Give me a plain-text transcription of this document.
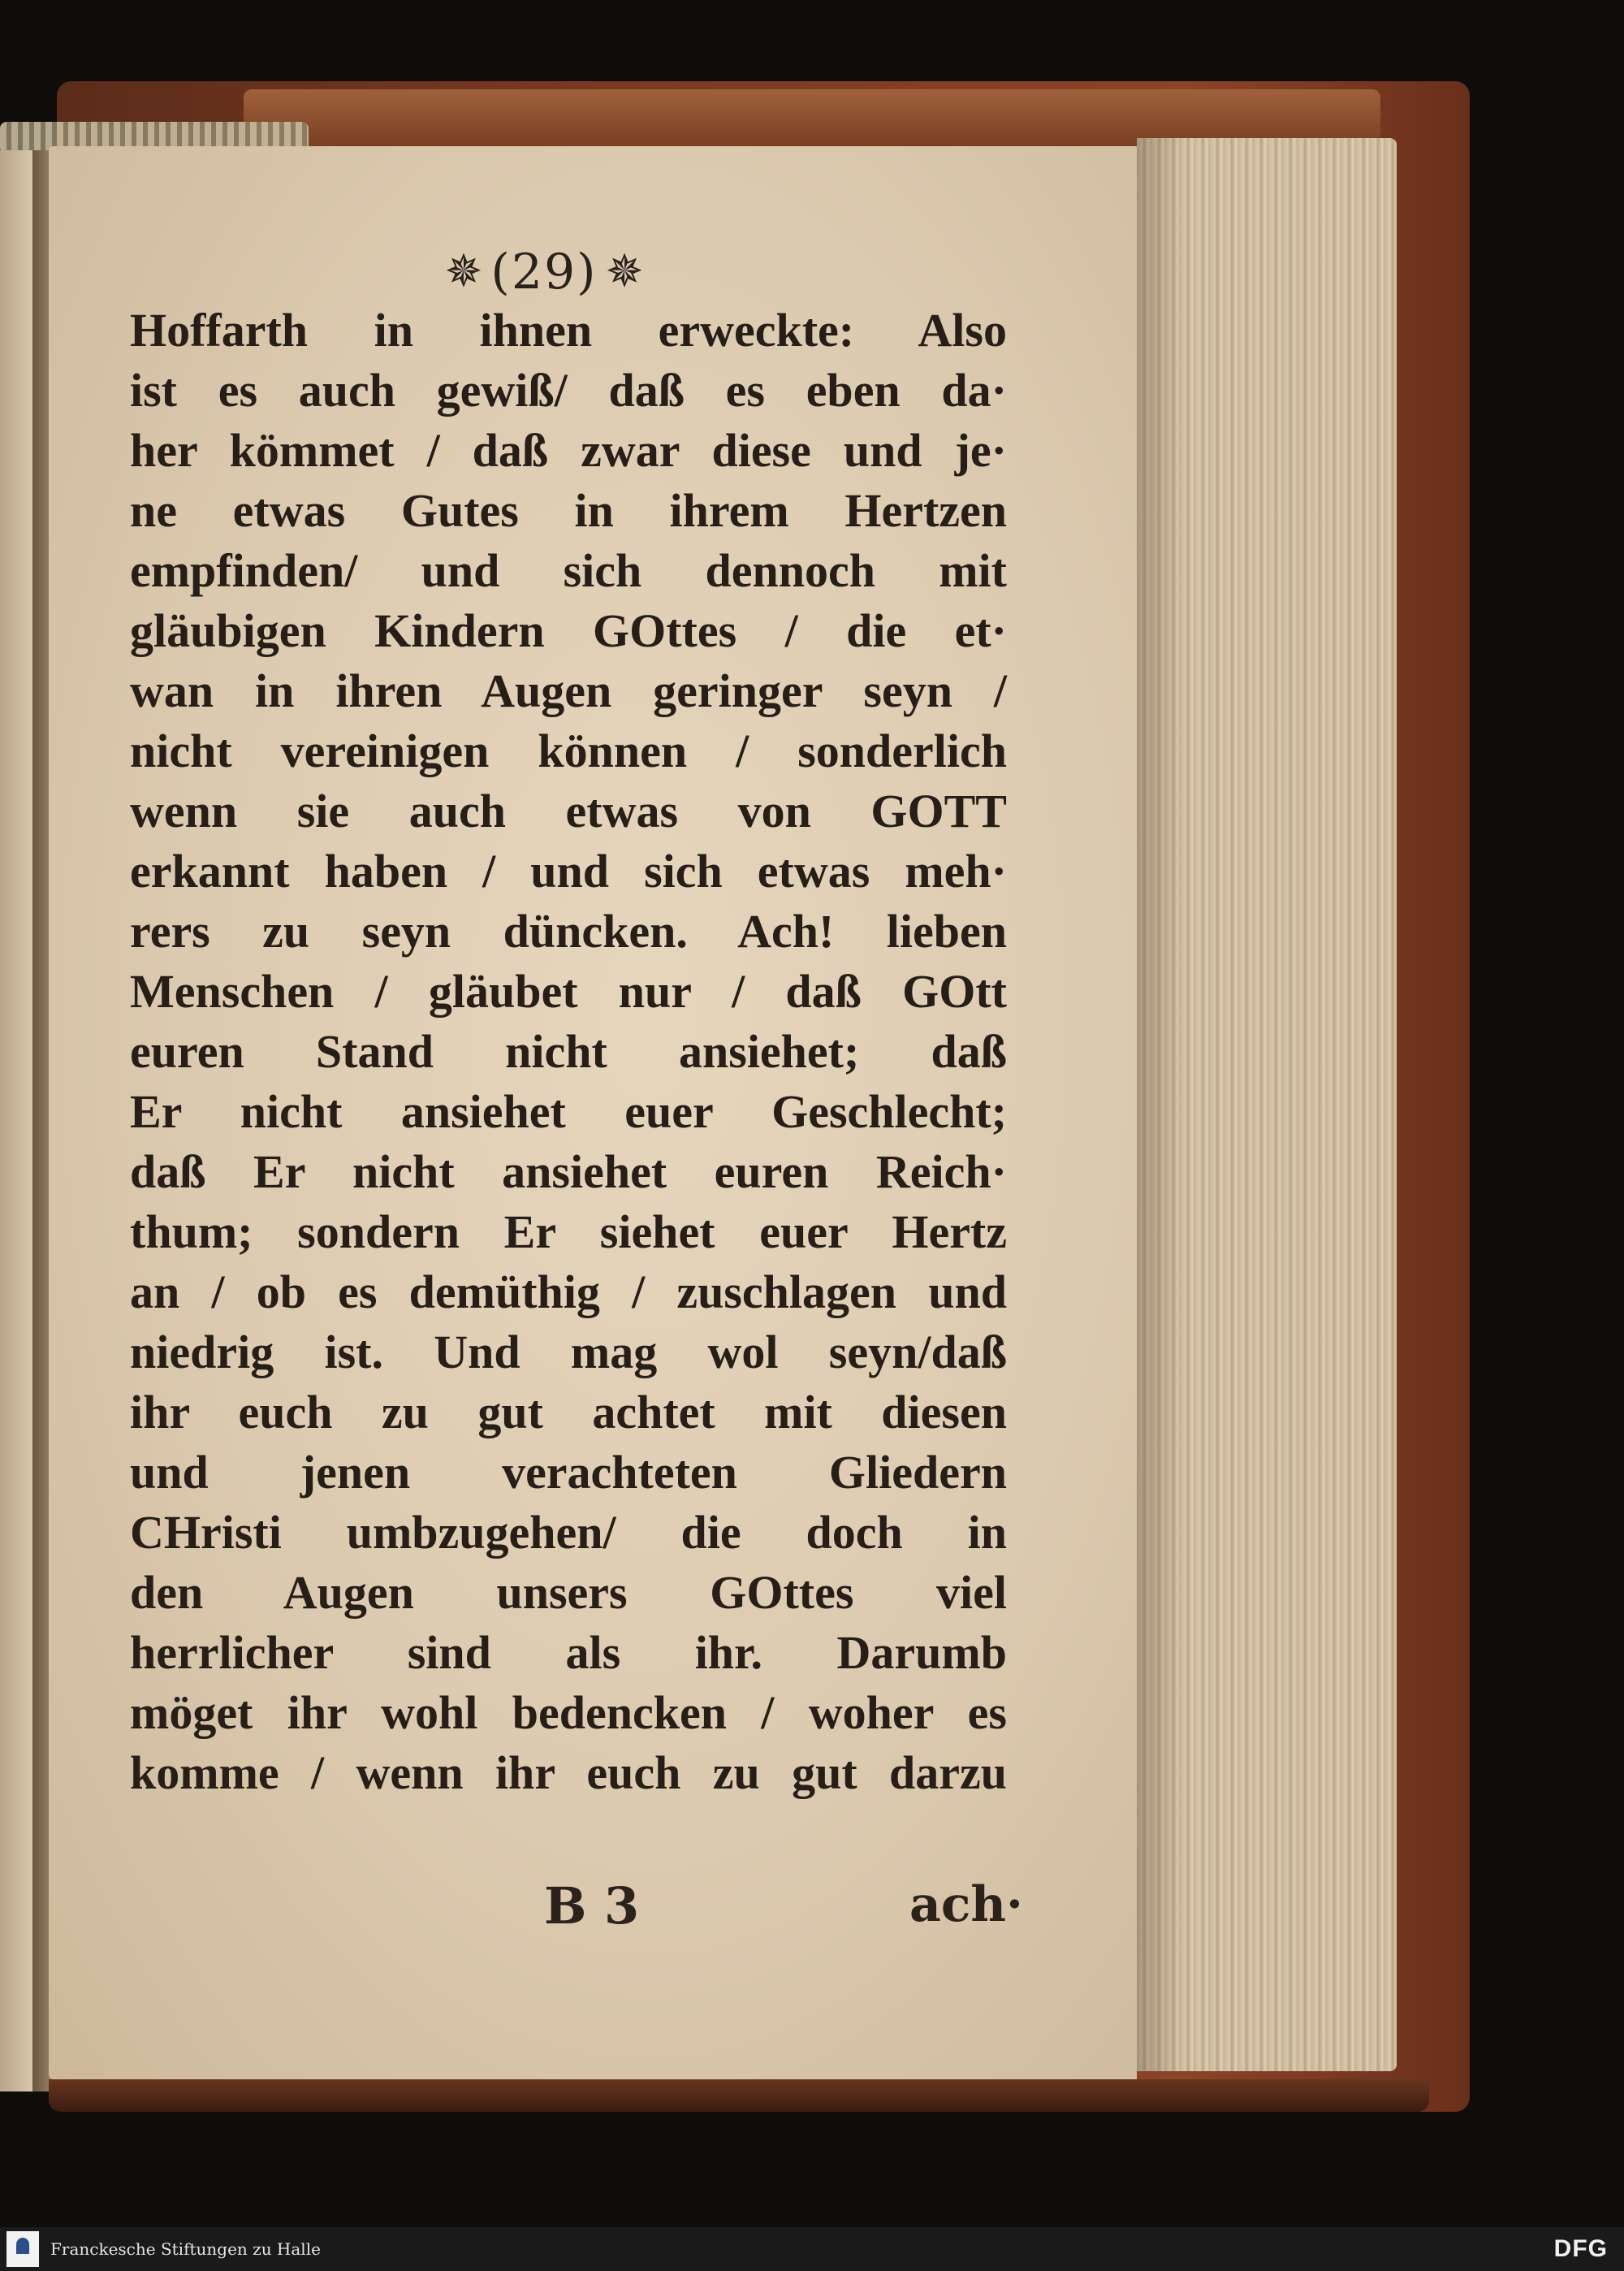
✵ (29) ✵
Hoffarth in ihnen erweckte: Also
ist es auch gewiß/ daß es eben da·
her kömmet / daß zwar diese und je·
ne etwas Gutes in ihrem Hertzen
empfinden/ und sich dennoch mit
gläubigen Kindern GOttes / die et·
wan in ihren Augen geringer seyn /
nicht vereinigen können / sonderlich
wenn sie auch etwas von GOTT
erkannt haben / und sich etwas meh·
rers zu seyn düncken. Ach! lieben
Menschen / gläubet nur / daß GOtt
euren Stand nicht ansiehet; daß
Er nicht ansiehet euer Geschlecht;
daß Er nicht ansiehet euren Reich·
thum; sondern Er siehet euer Hertz
an / ob es demüthig / zuschlagen und
niedrig ist. Und mag wol seyn/daß
ihr euch zu gut achtet mit diesen
und jenen verachteten Gliedern
CHristi umbzugehen/ die doch in
den Augen unsers GOttes viel
herrlicher sind als ihr. Darumb
möget ihr wohl bedencken / woher es
komme / wenn ihr euch zu gut darzu
B 3	ach·
Franckesche Stiftungen zu Halle	DFG
